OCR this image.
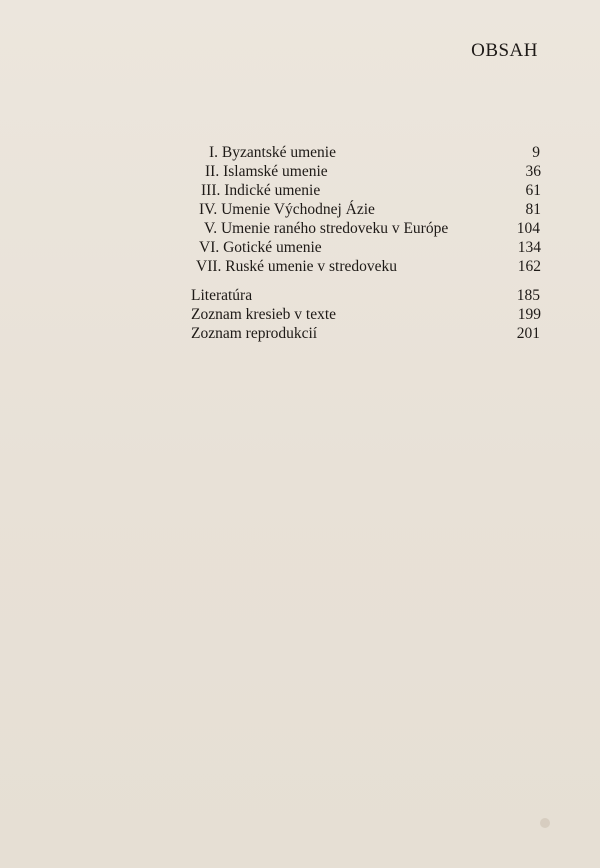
OBSAH
I. Byzantské umenie	9
II. Islamské umenie	36
III. Indické umenie	61
IV. Umenie Východnej Ázie	81
V. Umenie raného stredoveku v Európe	104
VI. Gotické umenie	134
VII. Ruské umenie v stredoveku	162
Literatúra	185
Zoznam kresieb v texte	199
Zoznam reprodukcií	201
